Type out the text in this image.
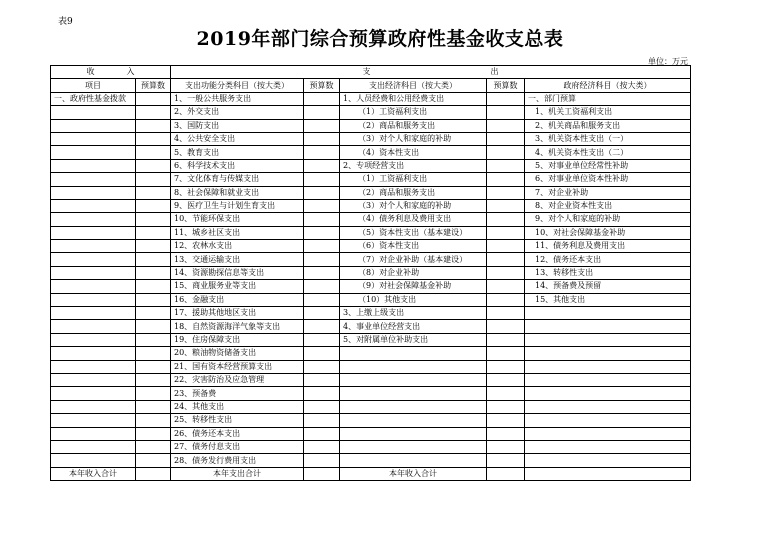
表9
2019年部门综合预算政府性基金收支总表
单位：万元
收　　　　入		支　　　　　　　　　　　　　　　出				
项目	预算数	支出功能分类科目（按大类）	预算数	支出经济科目（按大类）	预算数	政府经济科目（按大类）
一、政府性基金拨款		1、一般公共服务支出		1、人员经费和公用经费支出		一、部门预算
		2、外交支出		（1）工资福利支出		1、机关工资福利支出
		3、国防支出		（2）商品和服务支出		2、机关商品和服务支出
		4、公共安全支出		（3）对个人和家庭的补助		3、机关资本性支出（一）
		5、教育支出		（4）资本性支出		4、机关资本性支出（二）
		6、科学技术支出		2、专项经营支出		5、对事业单位经常性补助
		7、文化体育与传媒支出		（1）工资福利支出		6、对事业单位资本性补助
		8、社会保障和就业支出		（2）商品和服务支出		7、对企业补助
		9、医疗卫生与计划生育支出		（3）对个人和家庭的补助		8、对企业资本性支出
		10、节能环保支出		（4）债务利息及费用支出		9、对个人和家庭的补助
		11、城乡社区支出		（5）资本性支出（基本建设）		10、对社会保障基金补助
		12、农林水支出		（6）资本性支出		11、债务利息及费用支出
		13、交通运输支出		（7）对企业补助（基本建设）		12、债务还本支出
		14、资源勘探信息等支出		（8）对企业补助		13、转移性支出
		15、商业服务业等支出		（9）对社会保障基金补助		14、预备费及预留
		16、金融支出		（10）其他支出		15、其他支出
		17、援助其他地区支出		3、上缴上级支出		
		18、自然资源海洋气象等支出		4、事业单位经营支出		
		19、住房保障支出		5、对附属单位补助支出		
		20、粮油物资储备支出				
		21、国有资本经营预算支出				
		22、灾害防治及应急管理				
		23、预备费				
		24、其他支出				
		25、转移性支出				
		26、债务还本支出				
		27、债务付息支出				
		28、债务发行费用支出				
本年收入合计		本年支出合计		本年收入合计		
